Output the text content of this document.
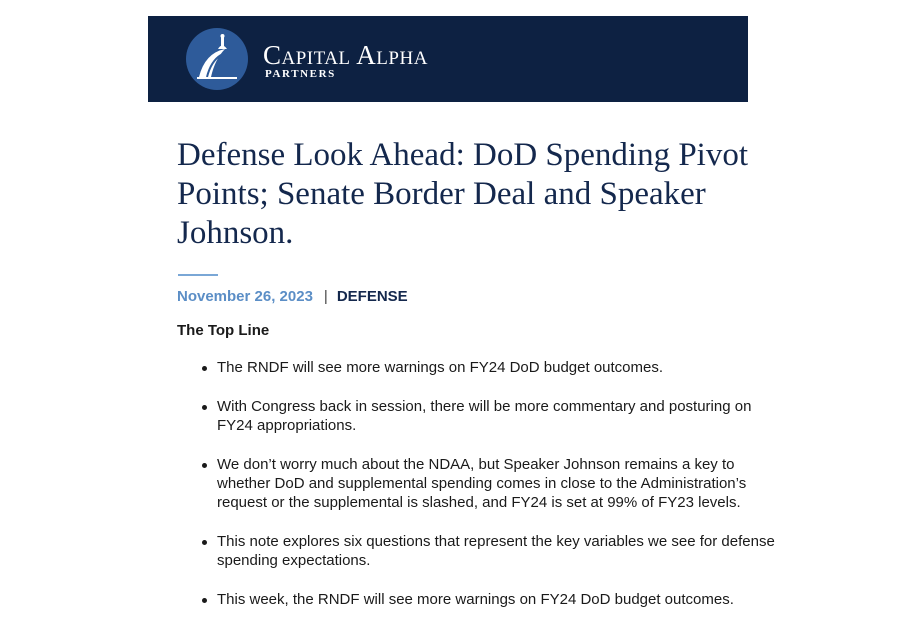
Capital Alpha
PARTNERS
Defense Look Ahead: DoD Spending Pivot Points; Senate Border Deal and Speaker Johnson.
November 26, 2023 | DEFENSE
The Top Line
The RNDF will see more warnings on FY24 DoD budget outcomes.
With Congress back in session, there will be more commentary and posturing on FY24 appropriations.
We don’t worry much about the NDAA, but Speaker Johnson remains a key to whether DoD and supplemental spending comes in close to the Administration’s request or the supplemental is slashed, and FY24 is set at 99% of FY23 levels.
This note explores six questions that represent the key variables we see for defense spending expectations.
This week, the RNDF will see more warnings on FY24 DoD budget outcomes.
